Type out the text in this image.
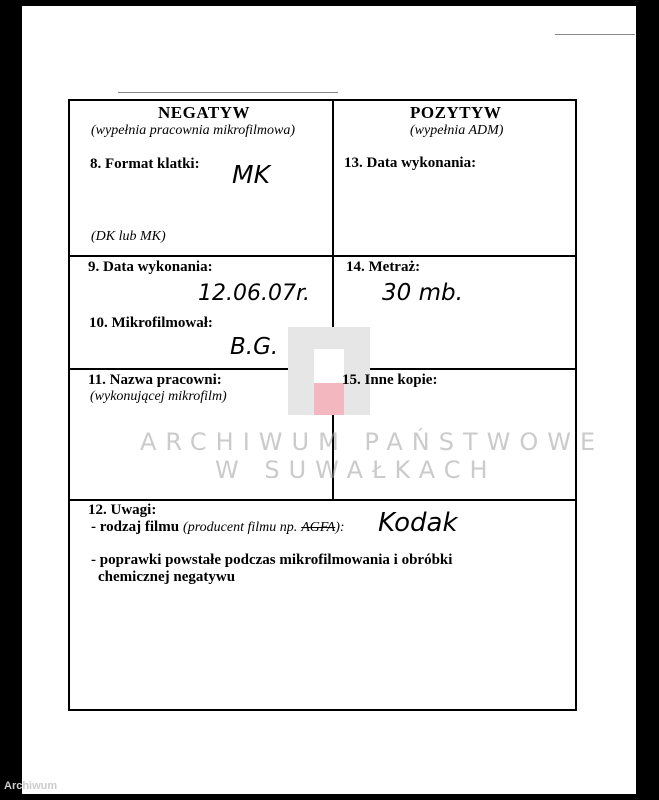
ARCHIWUM PAŃSTWOWE
W SUWAŁKACH
NEGATYW
(wypełnia pracownia mikrofilmowa)
8. Format klatki: MK
(DK lub MK)
9. Data wykonania:
12.06.07r.
10. Mikrofilmował:
B.G.
11. Nazwa pracowni:
(wykonującej mikrofilm)
POZYTYW
(wypełnia ADM)
13. Data wykonania:
14. Metraż:
30 mb.
15. Inne kopie:
12. Uwagi:
- rodzaj filmu (producent filmu np. AGFA): Kodak
- poprawki powstałe podczas mikrofilmowania i obróbki
chemicznej negatywu
Archiwum
